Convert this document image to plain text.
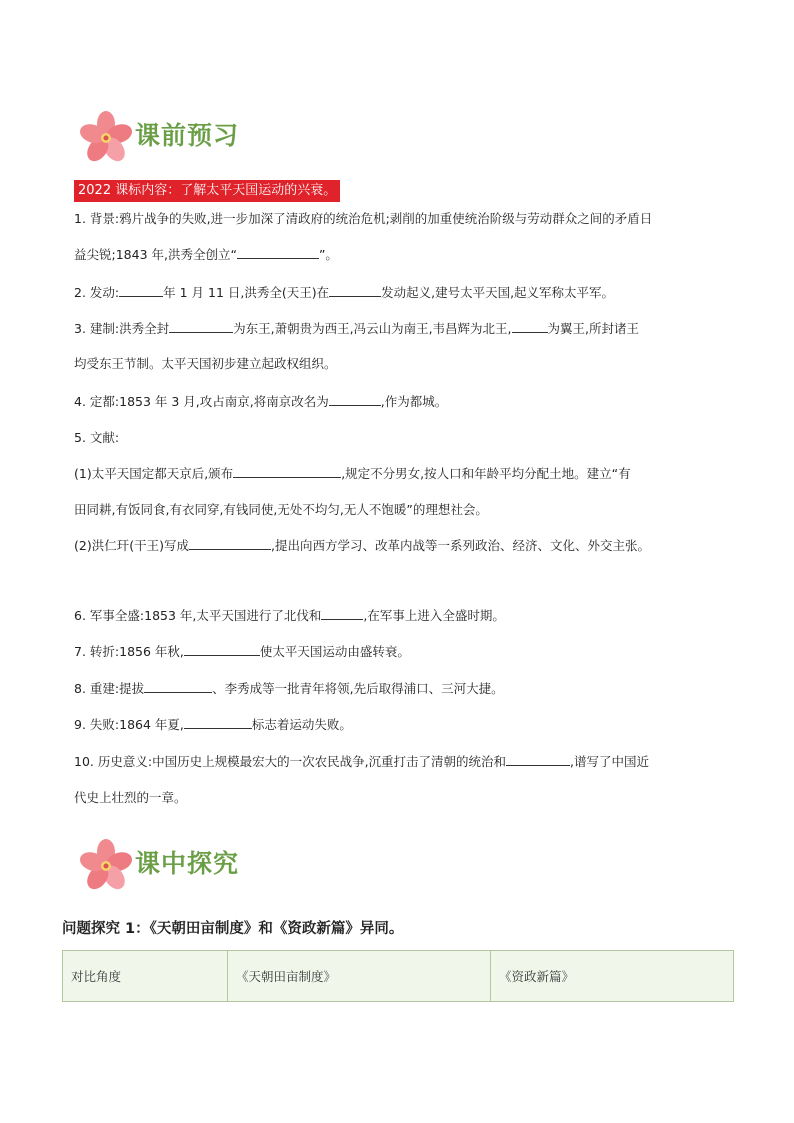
课前预习
2022 课标内容：了解太平天国运动的兴衰。
1. 背景:鸦片战争的失败,进一步加深了清政府的统治危机;剥削的加重使统治阶级与劳动群众之间的矛盾日
益尖锐;1843 年,洪秀全创立“	”。
2. 发动:	年 1 月 11 日,洪秀全(天王)在	发动起义,建号太平天国,起义军称太平军。
3. 建制:洪秀全封	为东王,萧朝贵为西王,冯云山为南王,韦昌辉为北王,	为翼王,所封诸王
均受东王节制。太平天国初步建立起政权组织。
4. 定都:1853 年 3 月,攻占南京,将南京改名为	,作为都城。
5. 文献:
(1)太平天国定都天京后,颁布	,规定不分男女,按人口和年龄平均分配土地。建立“有
田同耕,有饭同食,有衣同穿,有钱同使,无处不均匀,无人不饱暖”的理想社会。
(2)洪仁玕(干王)写成	,提出向西方学习、改革内战等一系列政治、经济、文化、外交主张。
6. 军事全盛:1853 年,太平天国进行了北伐和	,在军事上进入全盛时期。
7. 转折:1856 年秋,	使太平天国运动由盛转衰。
8. 重建:提拔	、李秀成等一批青年将领,先后取得浦口、三河大捷。
9. 失败:1864 年夏,	标志着运动失败。
10. 历史意义:中国历史上规模最宏大的一次农民战争,沉重打击了清朝的统治和	,谱写了中国近
代史上壮烈的一章。
课中探究
问题探究 1：《天朝田亩制度》和《资政新篇》异同。
对比角度	《天朝田亩制度》	《资政新篇》
